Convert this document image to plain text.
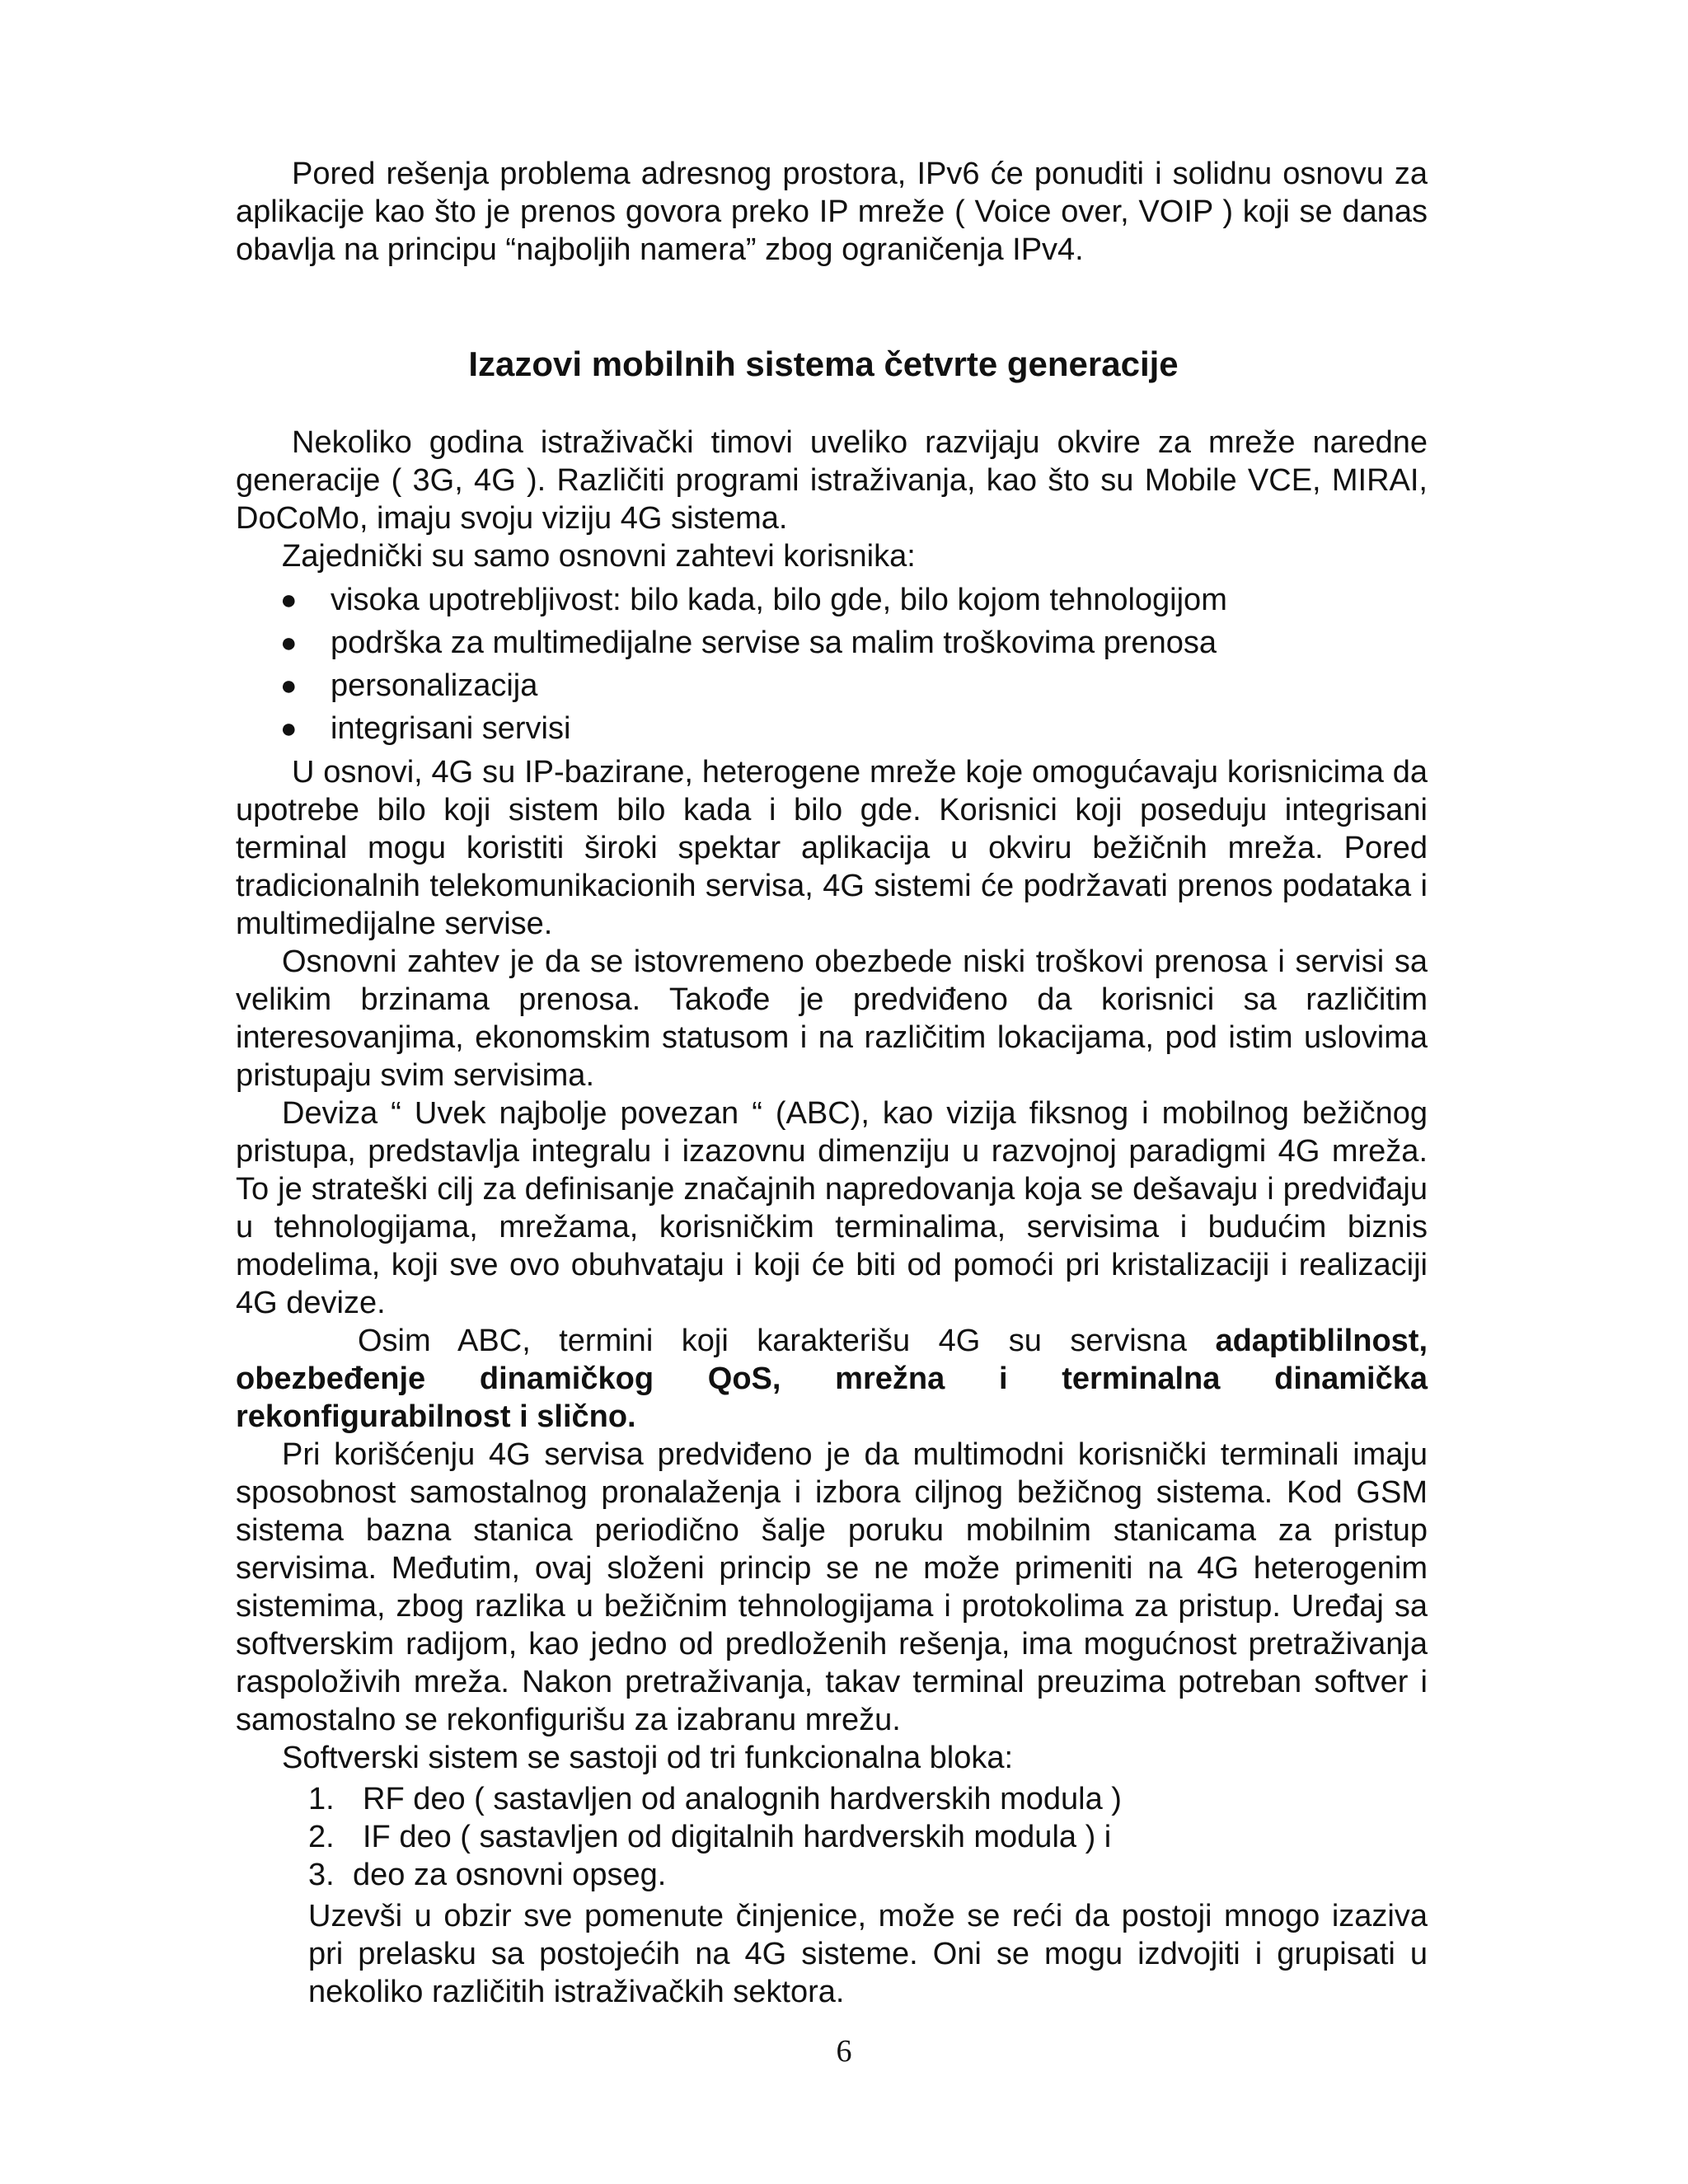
Pored rešenja problema adresnog prostora, IPv6 će ponuditi i solidnu osnovu za aplikacije kao što je prenos govora preko IP mreže ( Voice over, VOIP ) koji se danas obavlja na principu “najboljih namera” zbog ograničenja IPv4.

Izazovi mobilnih sistema četvrte generacije

Nekoliko godina istraživački timovi uveliko razvijaju okvire za mreže naredne generacije ( 3G, 4G ). Različiti programi istraživanja, kao što su Mobile VCE, MIRAI, DoCoMo, imaju svoju viziju 4G sistema.

Zajednički su samo osnovni zahtevi korisnika:

● visoka upotrebljivost: bilo kada, bilo gde, bilo kojom tehnologijom
● podrška za multimedijalne servise sa malim troškovima prenosa
● personalizacija
● integrisani servisi

U osnovi, 4G su IP-bazirane, heterogene mreže koje omogućavaju korisnicima da upotrebe bilo koji sistem bilo kada i bilo gde. Korisnici koji poseduju integrisani terminal mogu koristiti široki spektar aplikacija u okviru bežičnih mreža. Pored tradicionalnih telekomunikacionih servisa, 4G sistemi će podržavati prenos podataka i multimedijalne servise.

Osnovni zahtev je da se istovremeno obezbede niski troškovi prenosa i servisi sa velikim brzinama prenosa. Takođe je predviđeno da korisnici sa različitim interesovanjima, ekonomskim statusom i na različitim lokacijama, pod istim uslovima pristupaju svim servisima.

Deviza “ Uvek najbolje povezan “ (ABC), kao vizija fiksnog i mobilnog bežičnog pristupa, predstavlja integralu i izazovnu dimenziju u razvojnoj paradigmi 4G mreža. To je strateški cilj za definisanje značajnih napredovanja koja se dešavaju i predviđaju u tehnologijama, mrežama, korisničkim terminalima, servisima i budućim biznis modelima, koji sve ovo obuhvataju i koji će biti od pomoći pri kristalizaciji i realizaciji 4G devize.

Osim ABC, termini koji karakterišu 4G su servisna adaptiblilnost, obezbeđenje dinamičkog QoS, mrežna i terminalna dinamička rekonfigurabilnost i slično.

Pri korišćenju 4G servisa predviđeno je da multimodni korisnički terminali imaju sposobnost samostalnog pronalaženja i izbora ciljnog bežičnog sistema. Kod GSM sistema bazna stanica periodično šalje poruku mobilnim stanicama za pristup servisima. Međutim, ovaj složeni princip se ne može primeniti na 4G heterogenim sistemima, zbog razlika u bežičnim tehnologijama i protokolima za pristup. Uređaj sa softverskim radijom, kao jedno od predloženih rešenja, ima mogućnost pretraživanja raspoloživih mreža. Nakon pretraživanja, takav terminal preuzima potreban softver i samostalno se rekonfigurišu za izabranu mrežu.

Softverski sistem se sastoji od tri funkcionalna bloka:

1. RF deo ( sastavljen od analognih hardverskih modula )
2. IF deo ( sastavljen od digitalnih hardverskih modula ) i
3. deo za osnovni opseg.

Uzevši u obzir sve pomenute činjenice, može se reći da postoji mnogo izaziva pri prelasku sa postojećih na 4G sisteme. Oni se mogu izdvojiti i grupisati u nekoliko različitih istraživačkih sektora.

6
